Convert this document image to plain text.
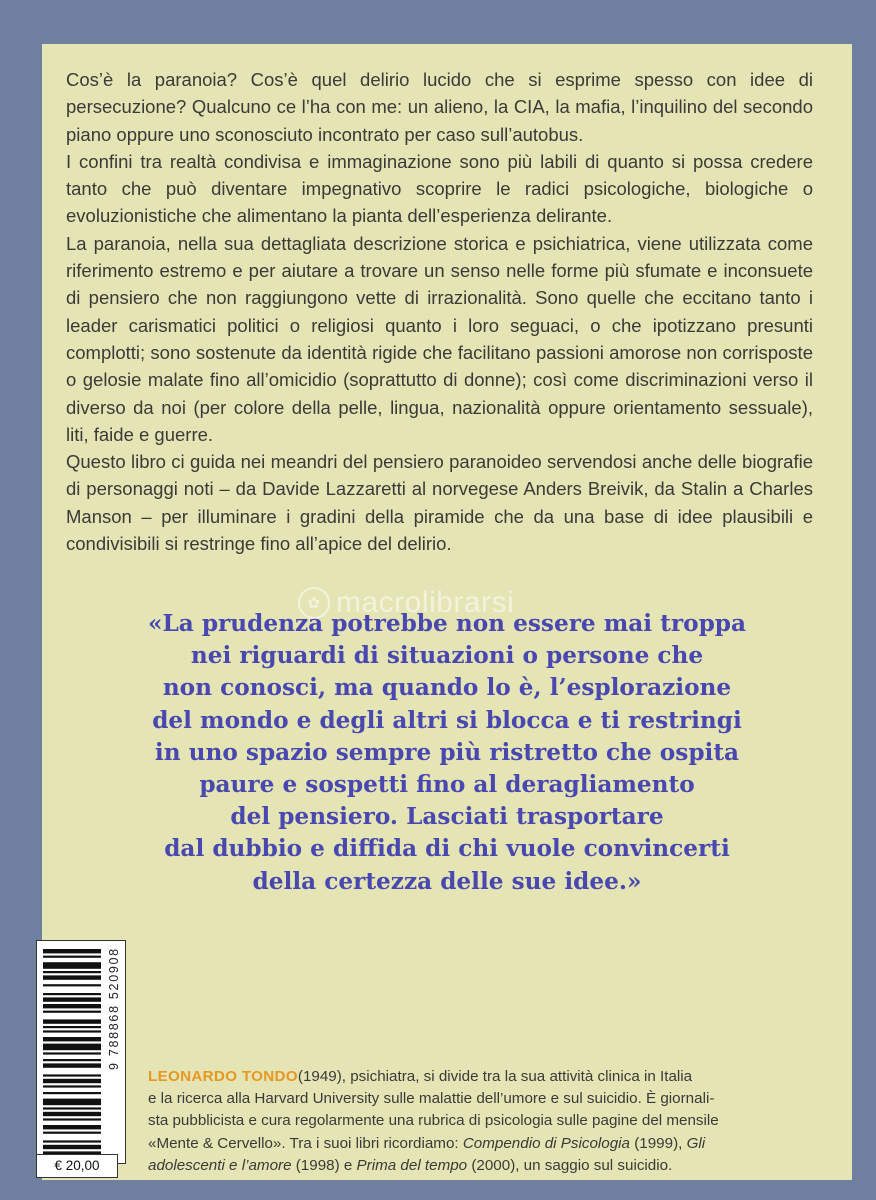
Cos’è la paranoia? Cos’è quel delirio lucido che si esprime spesso con idee di persecuzione? Qualcuno ce l’ha con me: un alieno, la CIA, la mafia, l’inquilino del secondo piano oppure uno sconosciuto incontrato per caso sull’autobus.

I confini tra realtà condivisa e immaginazione sono più labili di quanto si possa credere tanto che può diventare impegnativo scoprire le radici psicologiche, biologiche o evoluzionistiche che alimentano la pianta dell’esperienza delirante.

La paranoia, nella sua dettagliata descrizione storica e psichiatrica, viene utilizzata come riferimento estremo e per aiutare a trovare un senso nelle forme più sfumate e inconsuete di pensiero che non raggiungono vette di irrazionalità. Sono quelle che eccitano tanto i leader carismatici politici o religiosi quanto i loro seguaci, o che ipotizzano presunti complotti; sono sostenute da identità rigide che facilitano passioni amorose non corrisposte o gelosie malate fino all’omicidio (soprattutto di donne); così come discriminazioni verso il diverso da noi (per colore della pelle, lingua, nazionalità oppure orientamento sessuale), liti, faide e guerre.

Questo libro ci guida nei meandri del pensiero paranoideo servendosi anche delle biografie di personaggi noti – da Davide Lazzaretti al norvegese Anders Breivik, da Stalin a Charles Manson – per illuminare i gradini della piramide che da una base di idee plausibili e condivisibili si restringe fino all’apice del delirio.

✿ macrolibrarsi
«La prudenza potrebbe non essere mai troppa
nei riguardi di situazioni o persone che
non conosci, ma quando lo è, l’esplorazione
del mondo e degli altri si blocca e ti restringi
in uno spazio sempre più ristretto che ospita
paure e sospetti fino al deragliamento
del pensiero. Lasciati trasportare
dal dubbio e diffida di chi vuole convincerti
della certezza delle sue idee.»
9 788868 520908
€ 20,00
LEONARDO TONDO(1949), psichiatra, si divide tra la sua attività clinica in Italia
e la ricerca alla Harvard University sulle malattie dell’umore e sul suicidio. È giornali-
sta pubblicista e cura regolarmente una rubrica di psicologia sulle pagine del mensile
«Mente & Cervello». Tra i suoi libri ricordiamo: Compendio di Psicologia (1999), Gli
adolescenti e l’amore (1998) e Prima del tempo (2000), un saggio sul suicidio.
